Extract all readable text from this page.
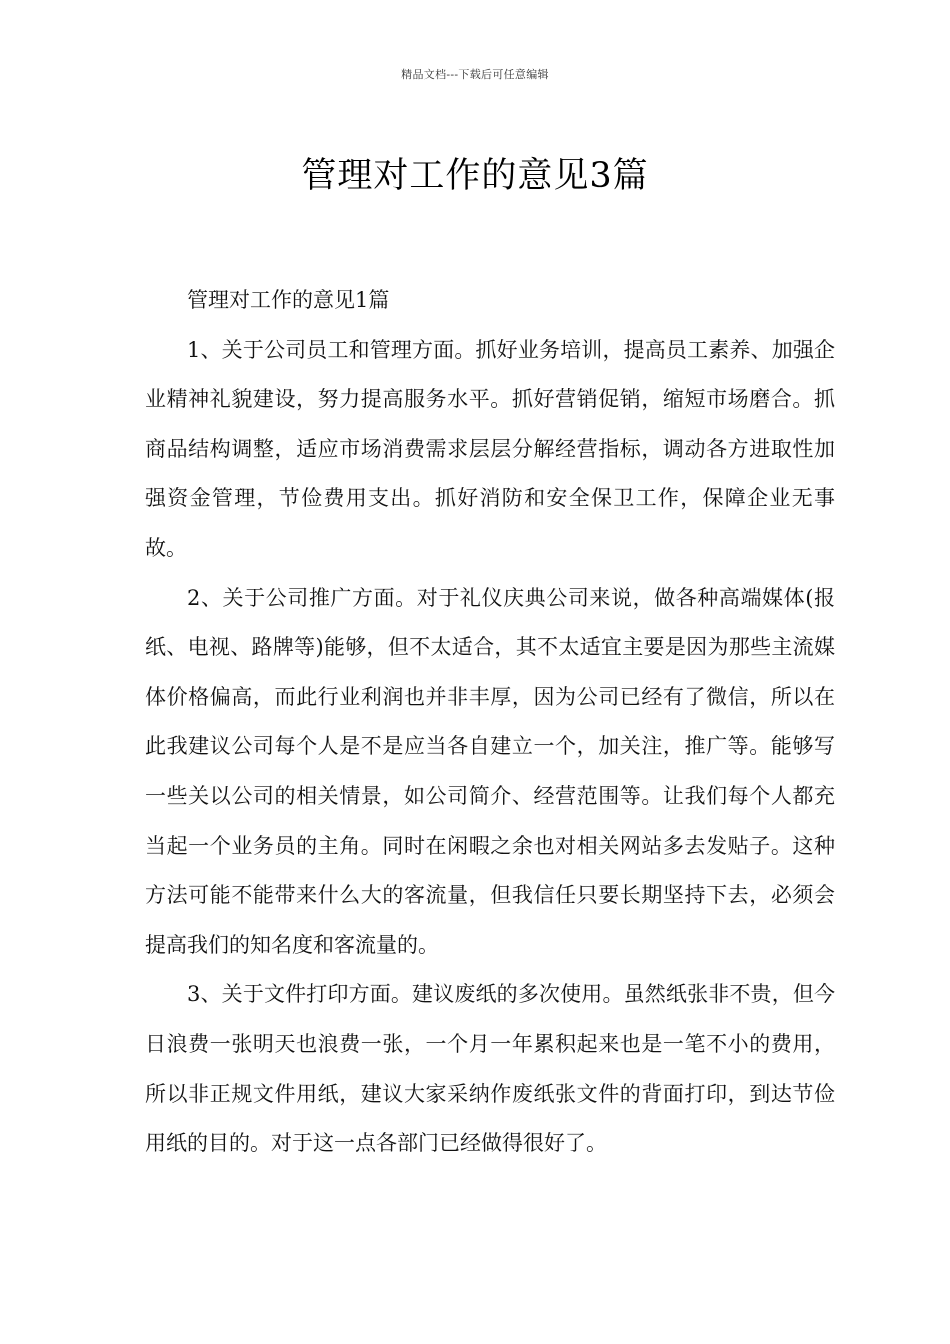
精品文档---下载后可任意编辑
管理对工作的意见3篇

管理对工作的意见1篇

1、关于公司员工和管理方面。抓好业务培训，提高员工素养、加强企业精神礼貌建设，努力提高服务水平。抓好营销促销，缩短市场磨合。抓商品结构调整，适应市场消费需求层层分解经营指标，调动各方进取性加强资金管理，节俭费用支出。抓好消防和安全保卫工作，保障企业无事故。

2、关于公司推广方面。对于礼仪庆典公司来说，做各种高端媒体(报纸、电视、路牌等)能够，但不太适合，其不太适宜主要是因为那些主流媒体价格偏高，而此行业利润也并非丰厚，因为公司已经有了微信，所以在此我建议公司每个人是不是应当各自建立一个，加关注，推广等。能够写一些关以公司的相关情景，如公司简介、经营范围等。让我们每个人都充当起一个业务员的主角。同时在闲暇之余也对相关网站多去发贴子。这种方法可能不能带来什么大的客流量，但我信任只要长期坚持下去，必须会提高我们的知名度和客流量的。

3、关于文件打印方面。建议废纸的多次使用。虽然纸张非不贵，但今日浪费一张明天也浪费一张，一个月一年累积起来也是一笔不小的费用，所以非正规文件用纸，建议大家采纳作废纸张文件的背面打印，到达节俭用纸的目的。对于这一点各部门已经做得很好了。
